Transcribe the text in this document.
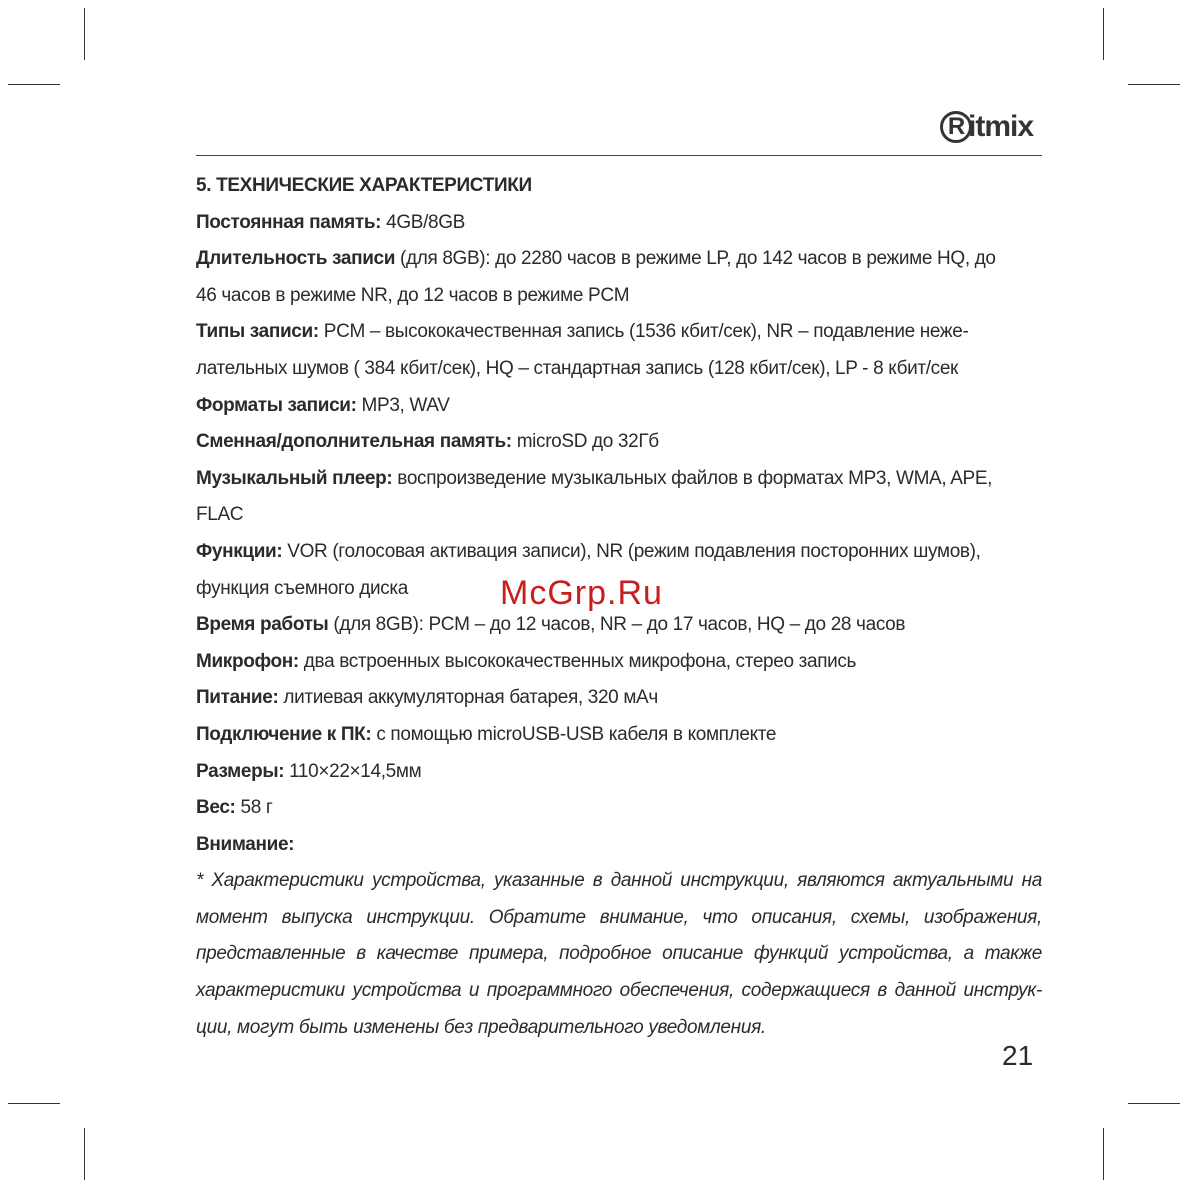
R itmix

5. ТЕХНИЧЕСКИЕ ХАРАКТЕРИСТИКИ

Постоянная память: 4GB/8GB

Длительность записи (для 8GB): до 2280 часов в режиме LP, до 142 часов в режиме HQ, до

46 часов в режиме NR, до 12 часов в режиме PCM

Типы записи: PCM – высококачественная запись (1536 кбит/сек), NR – подавление неже-

лательных шумов ( 384 кбит/сек), HQ – стандартная запись (128 кбит/сек), LP - 8 кбит/сек

Форматы записи: MP3, WAV

Сменная/дополнительная память: microSD до 32Гб

Музыкальный плеер: воспроизведение музыкальных файлов в форматах MP3, WMA, APE,

FLAC

Функции: VOR (голосовая активация записи), NR (режим подавления посторонних шумов),

функция съемного диска

Время работы (для 8GB): PCM – до 12 часов, NR – до 17 часов, HQ – до 28 часов

Микрофон: два встроенных высококачественных микрофона, стерео запись

Питание: литиевая аккумуляторная батарея, 320 мАч

Подключение к ПК: с помощью microUSB-USB кабеля в комплекте

Размеры: 110×22×14,5мм

Вес: 58 г

Внимание:

* Характеристики устройства, указанные в данной инструкции, являются актуальными на момент выпуска инструкции. Обратите внимание, что описания, схемы, изображения, представленные в качестве примера, подробное описание функций устройства, а также характеристики устройства и программного обеспечения, содержащиеся в данной инструк- ции, могут быть изменены без предварительного уведомления.

McGrp.Ru
21
